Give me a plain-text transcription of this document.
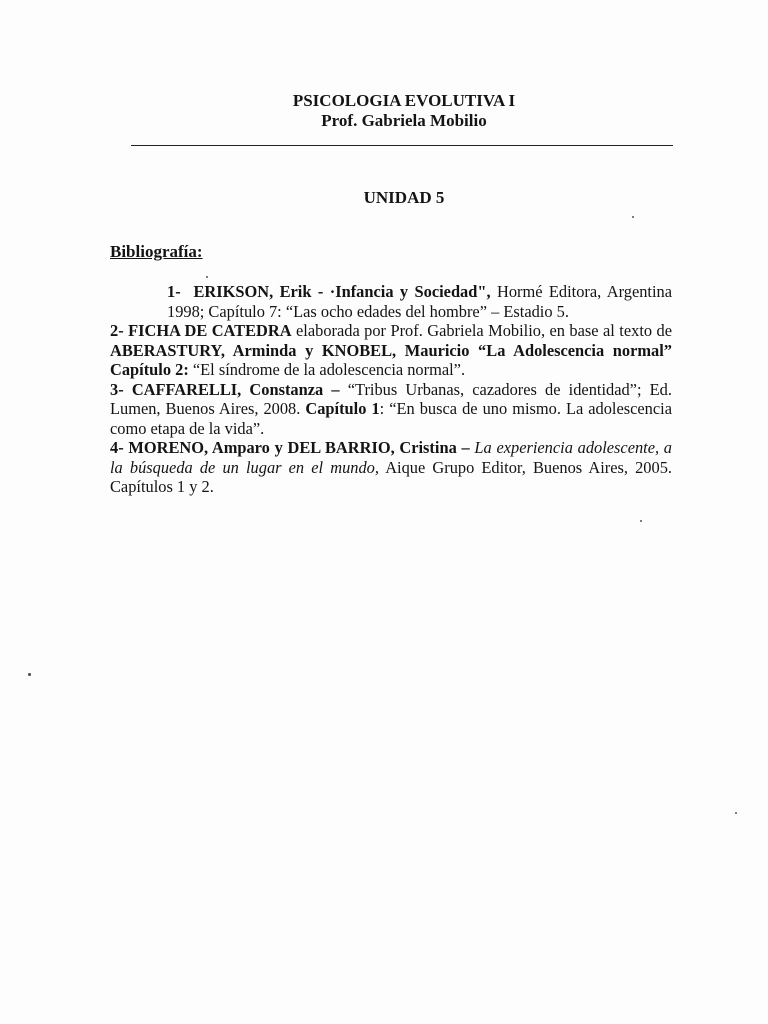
PSICOLOGIA EVOLUTIVA I
Prof. Gabriela Mobilio
UNIDAD 5
Bibliografía:

1- ERIKSON, Erik - ·Infancia y Sociedad", Hormé Editora, Argentina 1998; Capítulo 7: “Las ocho edades del hombre” – Estadio 5.

2- FICHA DE CATEDRA elaborada por Prof. Gabriela Mobilio, en base al texto de ABERASTURY, Arminda y KNOBEL, Mauricio “La Adolescencia normal” Capítulo 2: “El síndrome de la adolescencia normal”.

3- CAFFARELLI, Constanza – “Tribus Urbanas, cazadores de identidad”; Ed. Lumen, Buenos Aires, 2008. Capítulo 1: “En busca de uno mismo. La adolescencia como etapa de la vida”.

4- MORENO, Amparo y DEL BARRIO, Cristina – La experiencia adolescente, a la búsqueda de un lugar en el mundo, Aique Grupo Editor, Buenos Aires, 2005. Capítulos 1 y 2.
